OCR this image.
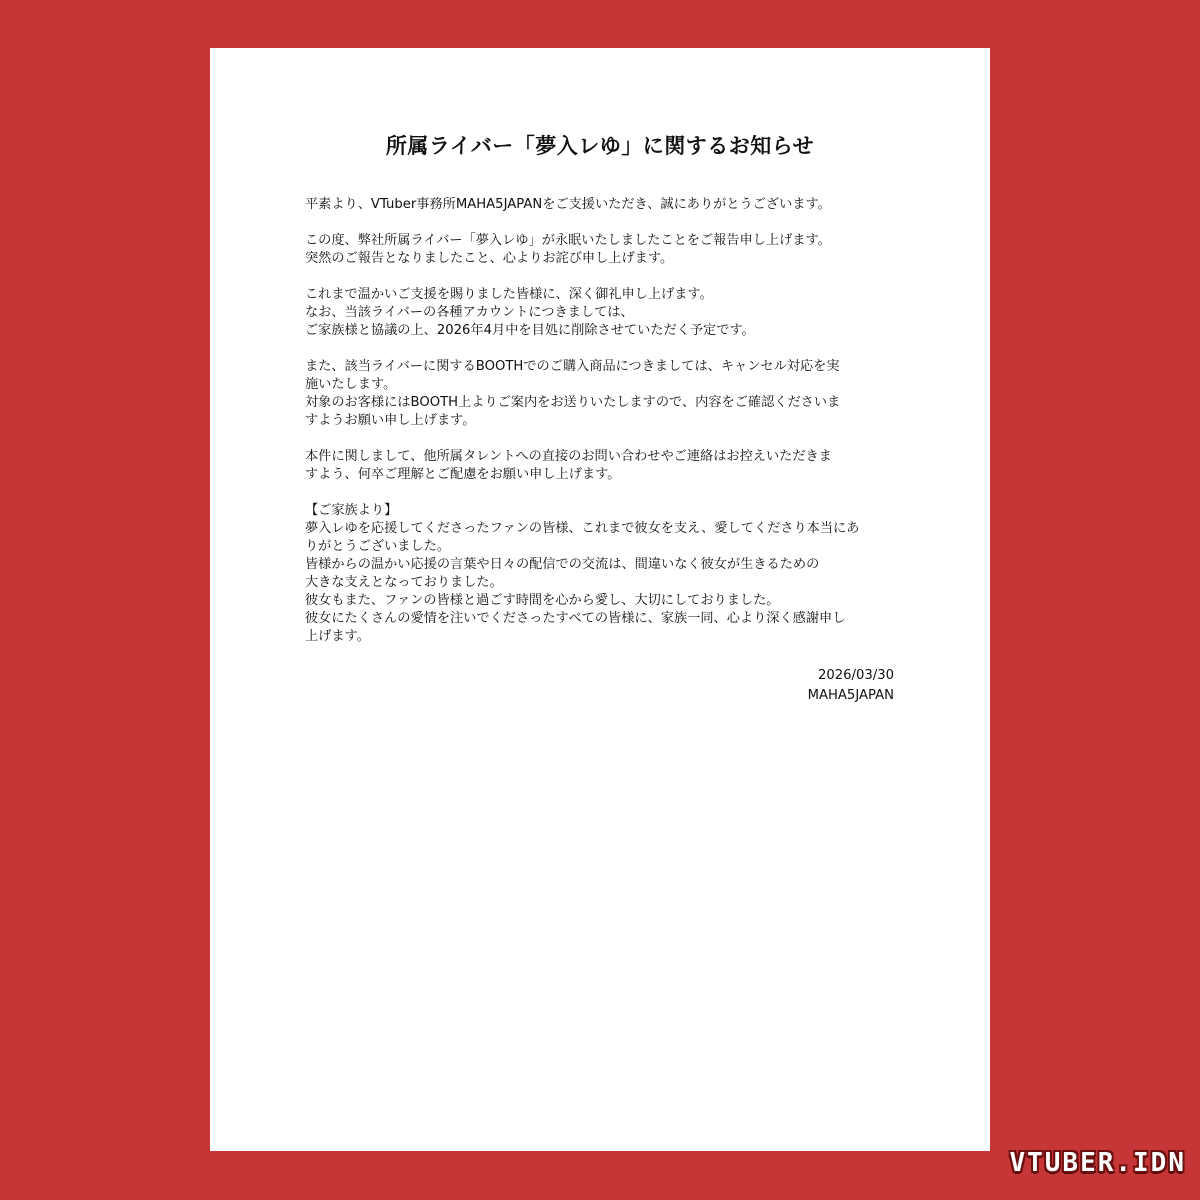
所属ライバー「夢入レゆ」に関するお知らせ

平素より、VTuber事務所MAHA5JAPANをご支援いただき、誠にありがとうございます。

この度、弊社所属ライバー「夢入レゆ」が永眠いたしましたことをご報告申し上げます。
突然のご報告となりましたこと、心よりお詫び申し上げます。

これまで温かいご支援を賜りました皆様に、深く御礼申し上げます。
なお、当該ライバーの各種アカウントにつきましては、
ご家族様と協議の上、2026年4月中を目処に削除させていただく予定です。

また、該当ライバーに関するBOOTHでのご購入商品につきましては、キャンセル対応を実
施いたします。
対象のお客様にはBOOTH上よりご案内をお送りいたしますので、内容をご確認くださいま
すようお願い申し上げます。

本件に関しまして、他所属タレントへの直接のお問い合わせやご連絡はお控えいただきま
すよう、何卒ご理解とご配慮をお願い申し上げます。

【ご家族より】
夢入レゆを応援してくださったファンの皆様、これまで彼女を支え、愛してくださり本当にあ
りがとうございました。
皆様からの温かい応援の言葉や日々の配信での交流は、間違いなく彼女が生きるための
大きな支えとなっておりました。
彼女もまた、ファンの皆様と過ごす時間を心から愛し、大切にしておりました。
彼女にたくさんの愛情を注いでくださったすべての皆様に、家族一同、心より深く感謝申し
上げます。

2026/03/30
MAHA5JAPAN
VTUBER.IDN
